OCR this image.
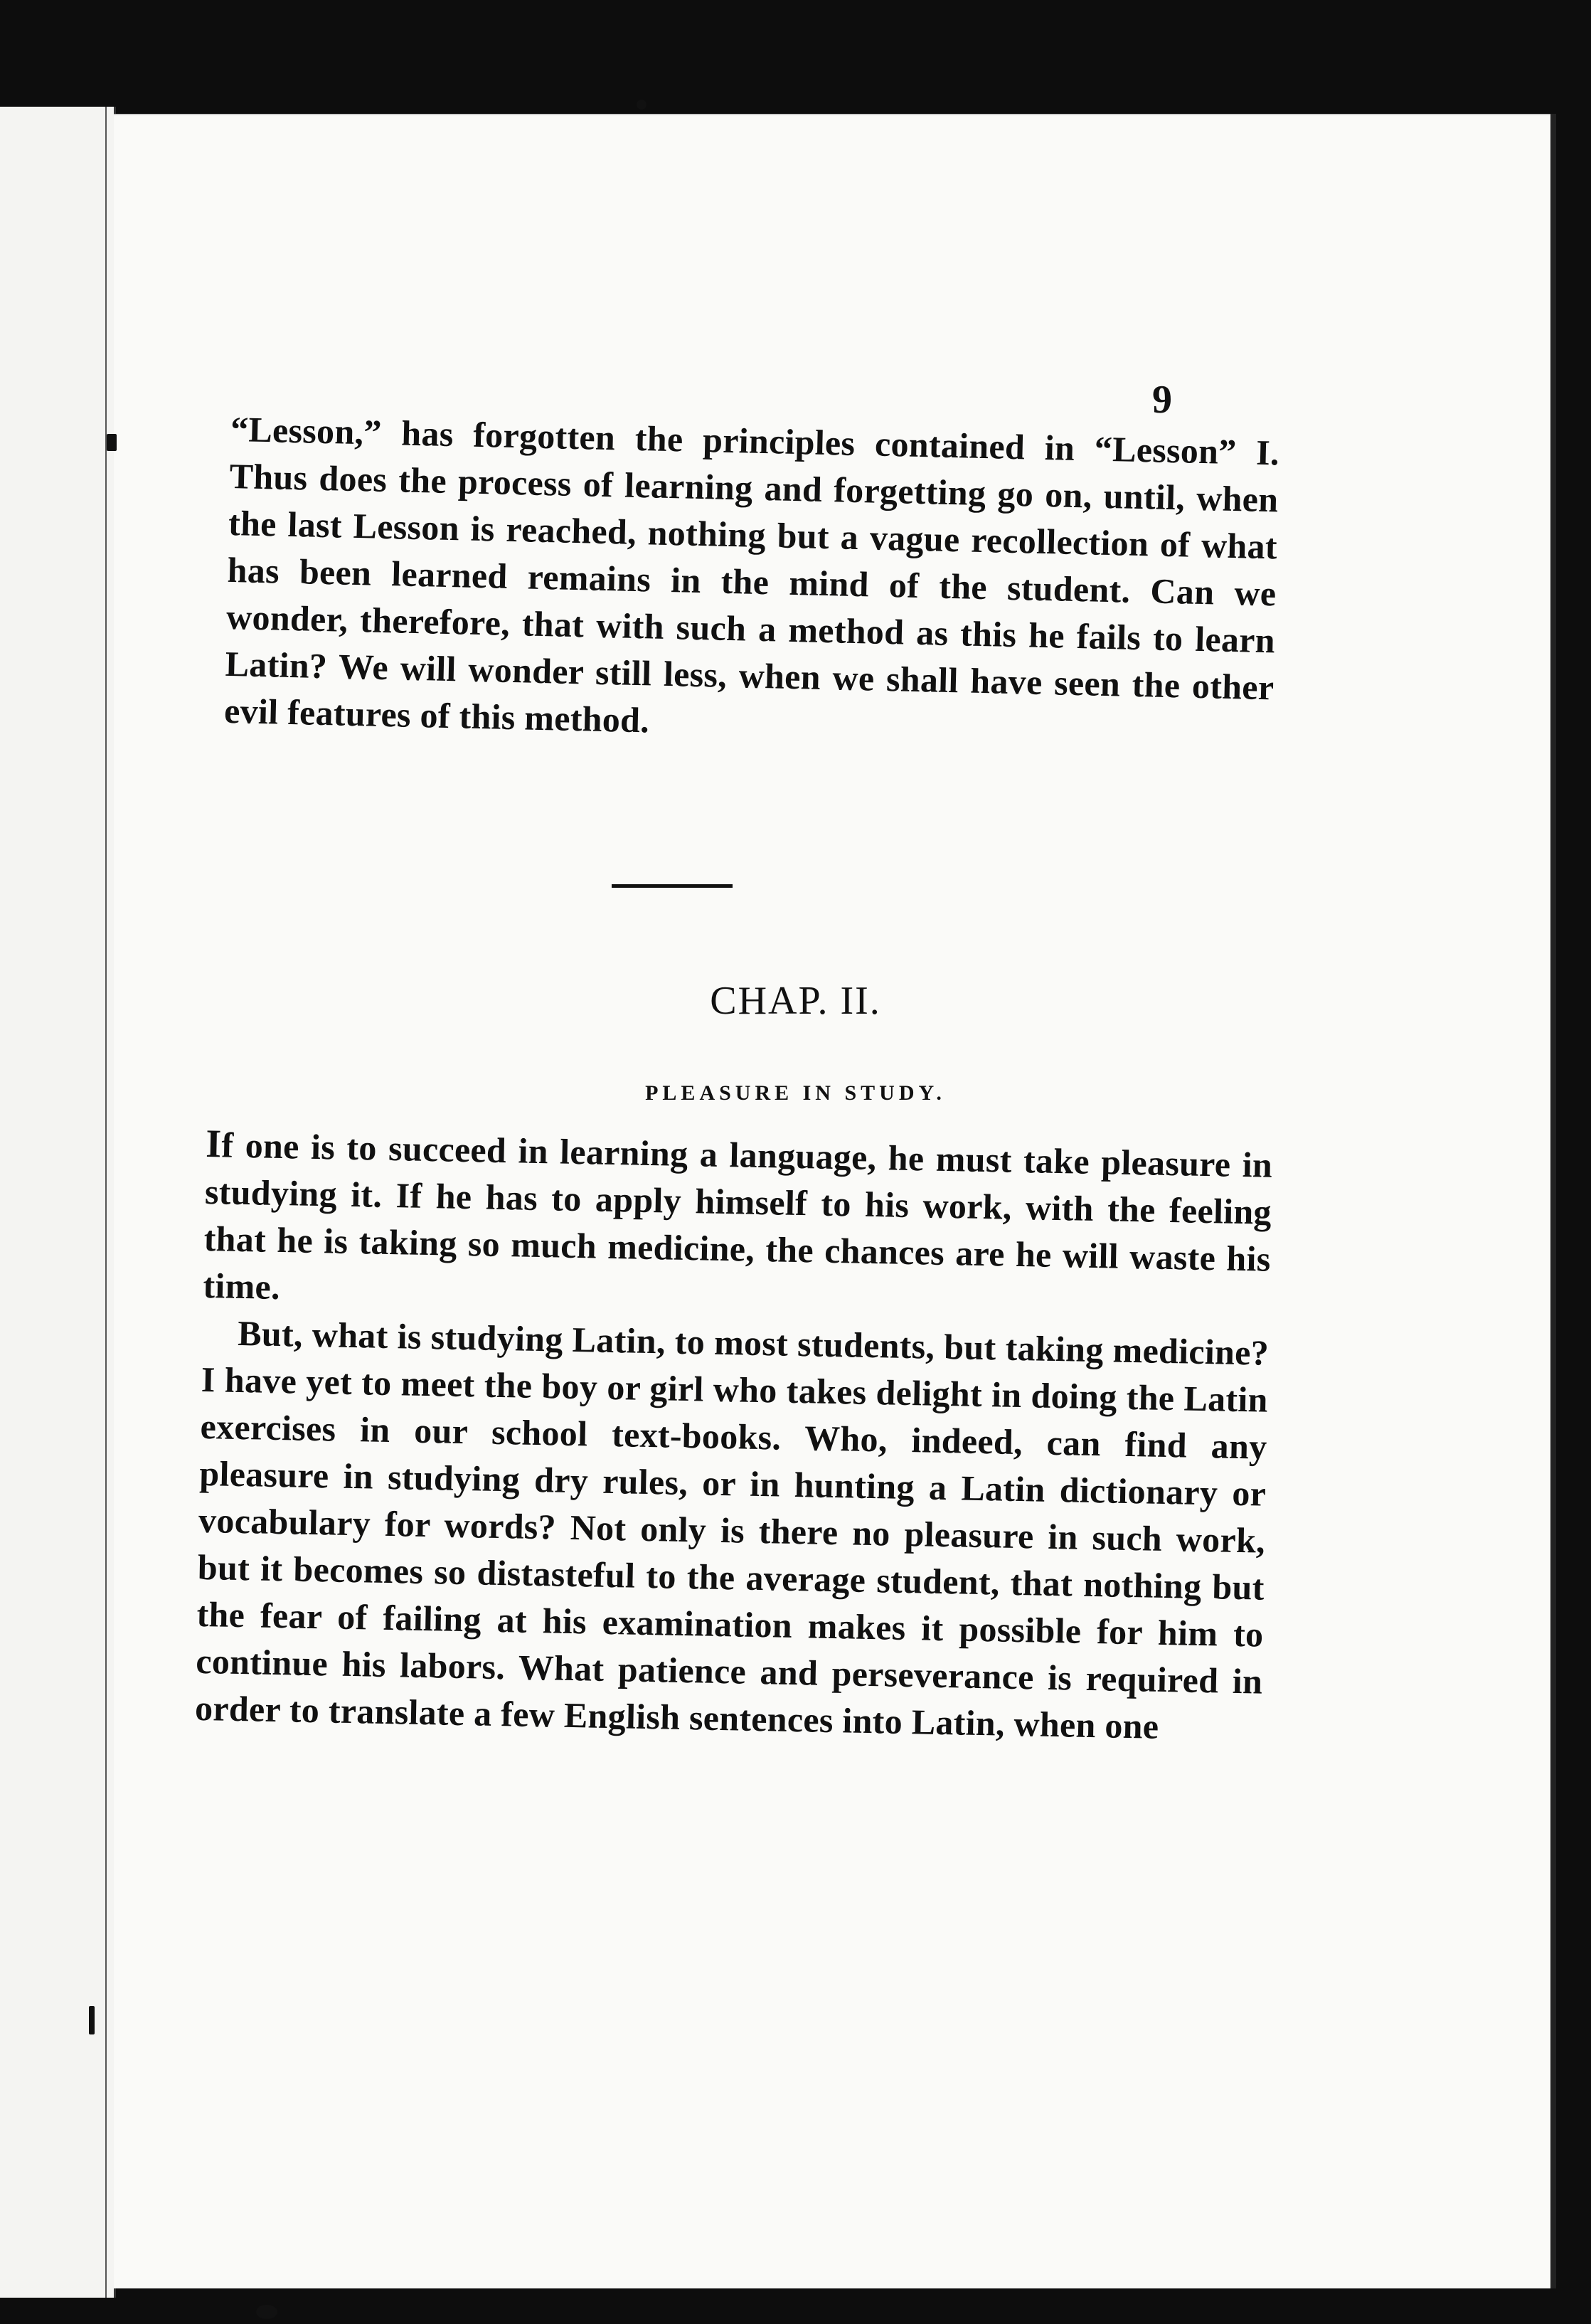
9

“Lesson,” has forgotten the principles contained in “Lesson” I. Thus does the process of learning and forgetting go on, until, when the last Lesson is reached, nothing but a vague recollection of what has been learned remains in the mind of the student. Can we wonder, therefore, that with such a method as this he fails to learn Latin? We will wonder still less, when we shall have seen the other evil features of this method.

CHAP. II.
PLEASURE IN STUDY.

If one is to succeed in learning a language, he must take pleasure in studying it. If he has to apply himself to his work, with the feeling that he is taking so much medicine, the chances are he will waste his time.

But, what is studying Latin, to most students, but taking medicine? I have yet to meet the boy or girl who takes delight in doing the Latin exercises in our school text-books. Who, indeed, can find any pleasure in studying dry rules, or in hunting a Latin dictionary or vocabulary for words? Not only is there no pleasure in such work, but it becomes so distasteful to the average student, that nothing but the fear of failing at his examination makes it possible for him to continue his labors. What patience and perseverance is required in order to translate a few English sentences into Latin, when one
